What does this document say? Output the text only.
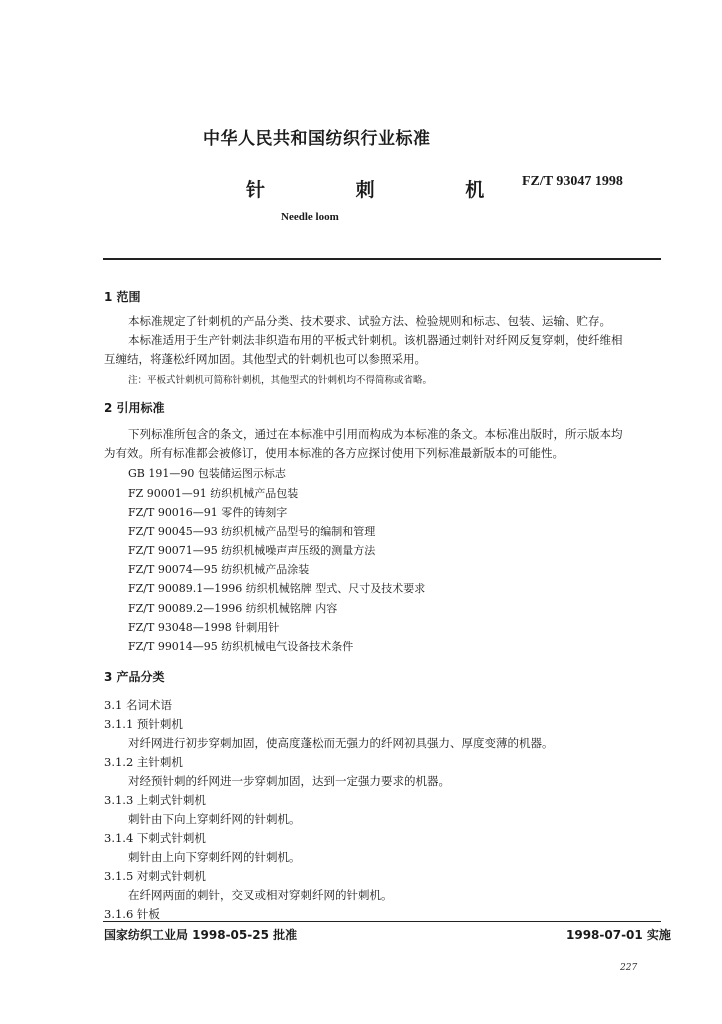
中华人民共和国纺织行业标准
针 刺 机
FZ/T 93047 1998
Needle loom
1 范围
本标准规定了针刺机的产品分类、技术要求、试验方法、检验规则和标志、包装、运输、贮存。
本标准适用于生产针刺法非织造布用的平板式针刺机。该机器通过刺针对纤网反复穿刺，使纤维相
互缠结，将蓬松纤网加固。其他型式的针刺机也可以参照采用。
注：平板式针刺机可简称针刺机，其他型式的针刺机均不得简称或省略。
2 引用标准
下列标准所包含的条文，通过在本标准中引用而构成为本标准的条文。本标准出版时，所示版本均
为有效。所有标准都会被修订，使用本标准的各方应探讨使用下列标准最新版本的可能性。
GB 191—90 包装储运图示标志
FZ 90001—91 纺织机械产品包装
FZ/T 90016—91 零件的铸刻字
FZ/T 90045—93 纺织机械产品型号的编制和管理
FZ/T 90071—95 纺织机械噪声声压级的测量方法
FZ/T 90074—95 纺织机械产品涂装
FZ/T 90089.1—1996 纺织机械铭牌 型式、尺寸及技术要求
FZ/T 90089.2—1996 纺织机械铭牌 内容
FZ/T 93048—1998 针刺用针
FZ/T 99014—95 纺织机械电气设备技术条件
3 产品分类
3.1 名词术语
3.1.1 预针刺机
对纤网进行初步穿刺加固，使高度蓬松而无强力的纤网初具强力、厚度变薄的机器。
3.1.2 主针刺机
对经预针刺的纤网进一步穿刺加固，达到一定强力要求的机器。
3.1.3 上刺式针刺机
刺针由下向上穿刺纤网的针刺机。
3.1.4 下刺式针刺机
刺针由上向下穿刺纤网的针刺机。
3.1.5 对刺式针刺机
在纤网两面的刺针，交叉或相对穿刺纤网的针刺机。
3.1.6 针板
国家纺织工业局 1998-05-25 批准	1998-07-01 实施
227
